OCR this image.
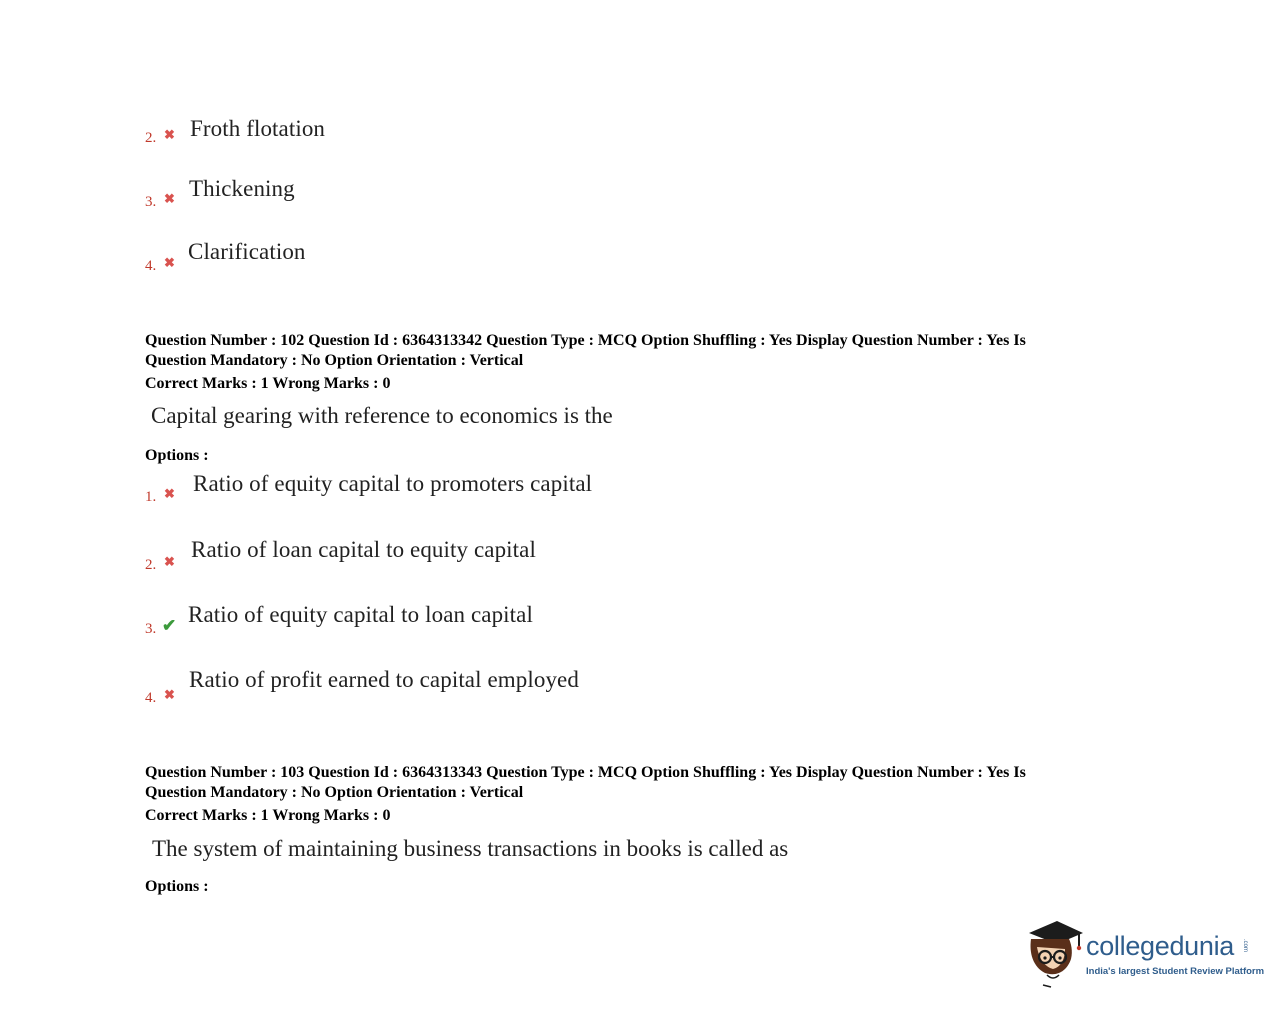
2. ✖ Froth flotation
3. ✖ Thickening
4. ✖ Clarification
Question Number : 102 Question Id : 6364313342 Question Type : MCQ Option Shuffling : Yes Display Question Number : Yes Is
Question Mandatory : No Option Orientation : Vertical
Correct Marks : 1 Wrong Marks : 0
Capital gearing with reference to economics is the
Options :
1. ✖ Ratio of equity capital to promoters capital
2. ✖ Ratio of loan capital to equity capital
3. ✔ Ratio of equity capital to loan capital
4. ✖
Ratio of profit earned to capital employed
Question Number : 103 Question Id : 6364313343 Question Type : MCQ Option Shuffling : Yes Display Question Number : Yes Is
Question Mandatory : No Option Orientation : Vertical
Correct Marks : 1 Wrong Marks : 0
The system of maintaining business transactions in books is called as
Options :
collegedunia .com
India's largest Student Review Platform
